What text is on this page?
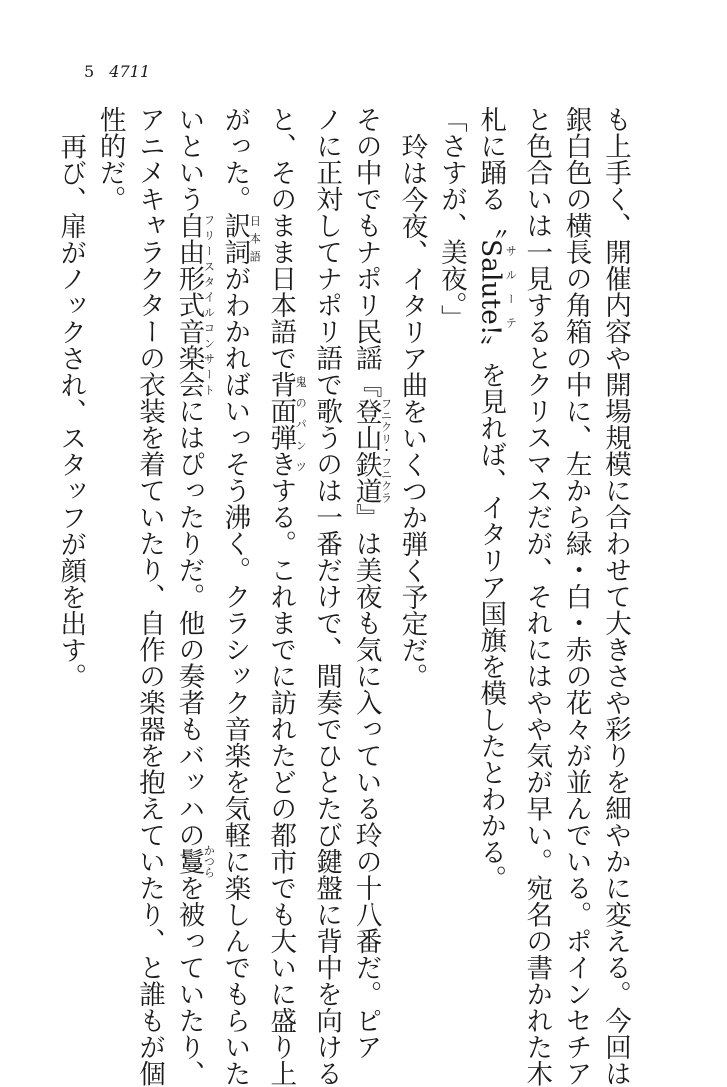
5 4711

も上手く、開催内容や開場規模に合わせて大きさや彩りを細やかに変える。今回は

銀白色の横長の角箱の中に、左から緑・白・赤の花々が並んでいる。ポインセチア

と色合いは一見するとクリスマスだが、それにはやや気が早い。宛名の書かれた木

札に踊る〝Salute!サルーテ〟を見れば、イタリア国旗を模したとわかる。

「さすが、美夜。」

玲は今夜、イタリア曲をいくつか弾く予定だ。

その中でもナポリ民謡『登山鉄道フニクリ・フニクラ』は美夜も気に入っている玲の十八番だ。ピア

ノに正対してナポリ語で歌うのは一番だけで、間奏でひとたび鍵盤に背中を向ける

と、そのまま日本語で背面弾き鬼のパンツする。これまでに訪れたどの都市でも大いに盛り上

がった。訳詞日本語がわかればいっそう沸く。クラシック音楽を気軽に楽しんでもらいた

いという自由形式音楽会フリースタイルコンサートにはぴったりだ。他の奏者もバッハの鬘かつらを被っていたり、

アニメキャラクターの衣装を着ていたり、自作の楽器を抱えていたり、と誰もが個

性的だ。

再び、扉がノックされ、スタッフが顔を出す。
